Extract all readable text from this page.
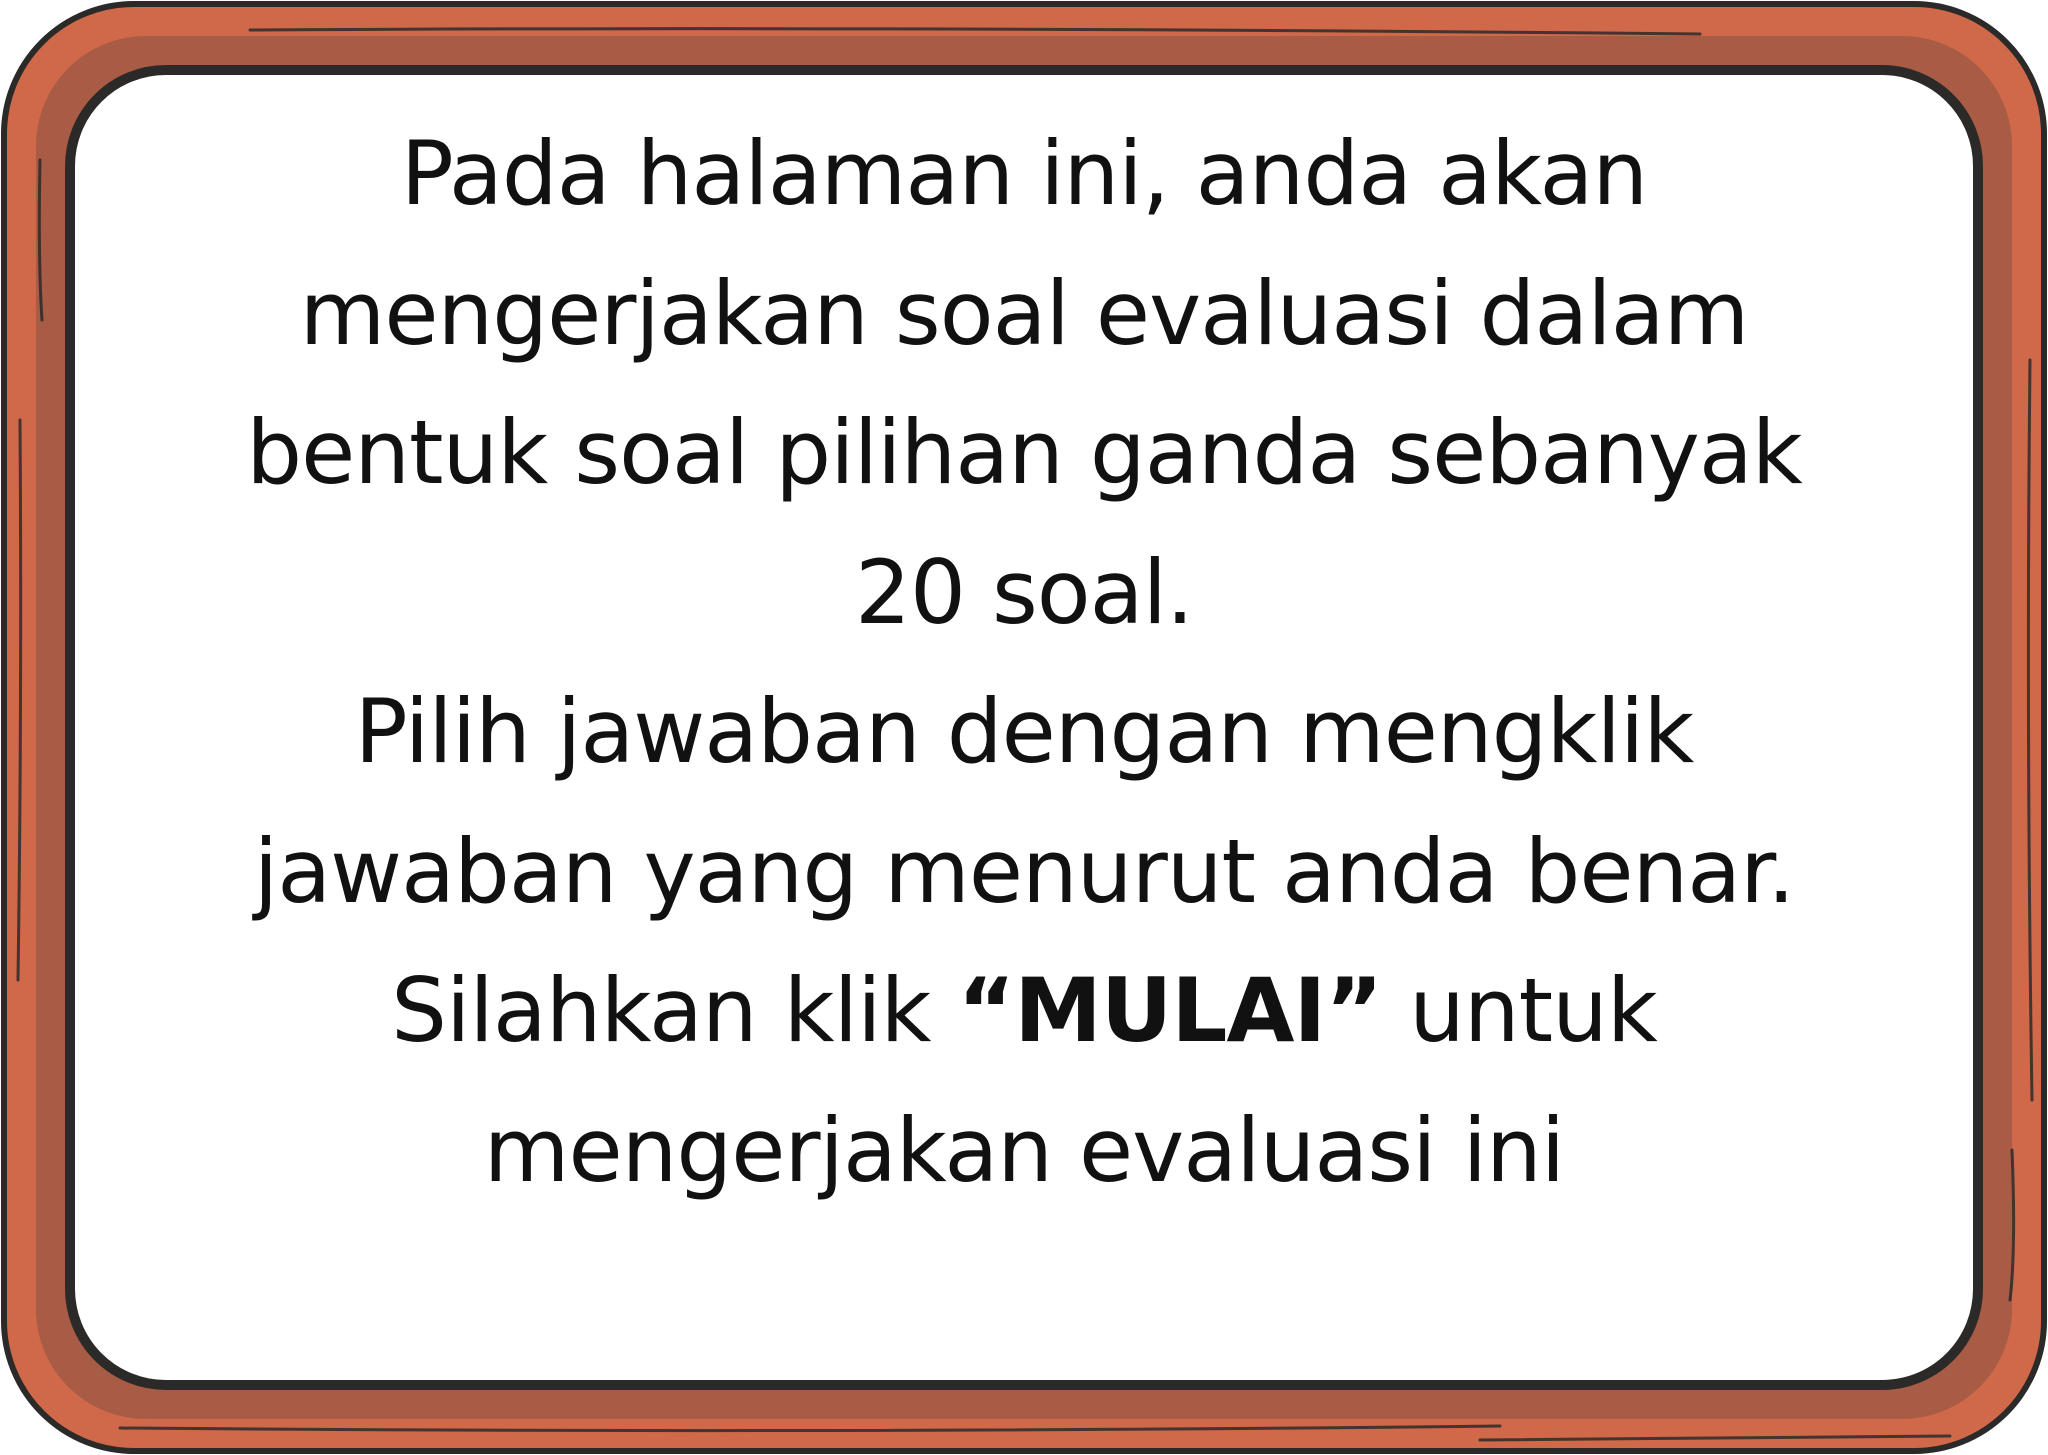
Pada halaman ini, anda akan
mengerjakan soal evaluasi dalam
bentuk soal pilihan ganda sebanyak
20 soal.
Pilih jawaban dengan mengklik
jawaban yang menurut anda benar.
Silahkan klik “MULAI” untuk
mengerjakan evaluasi ini
